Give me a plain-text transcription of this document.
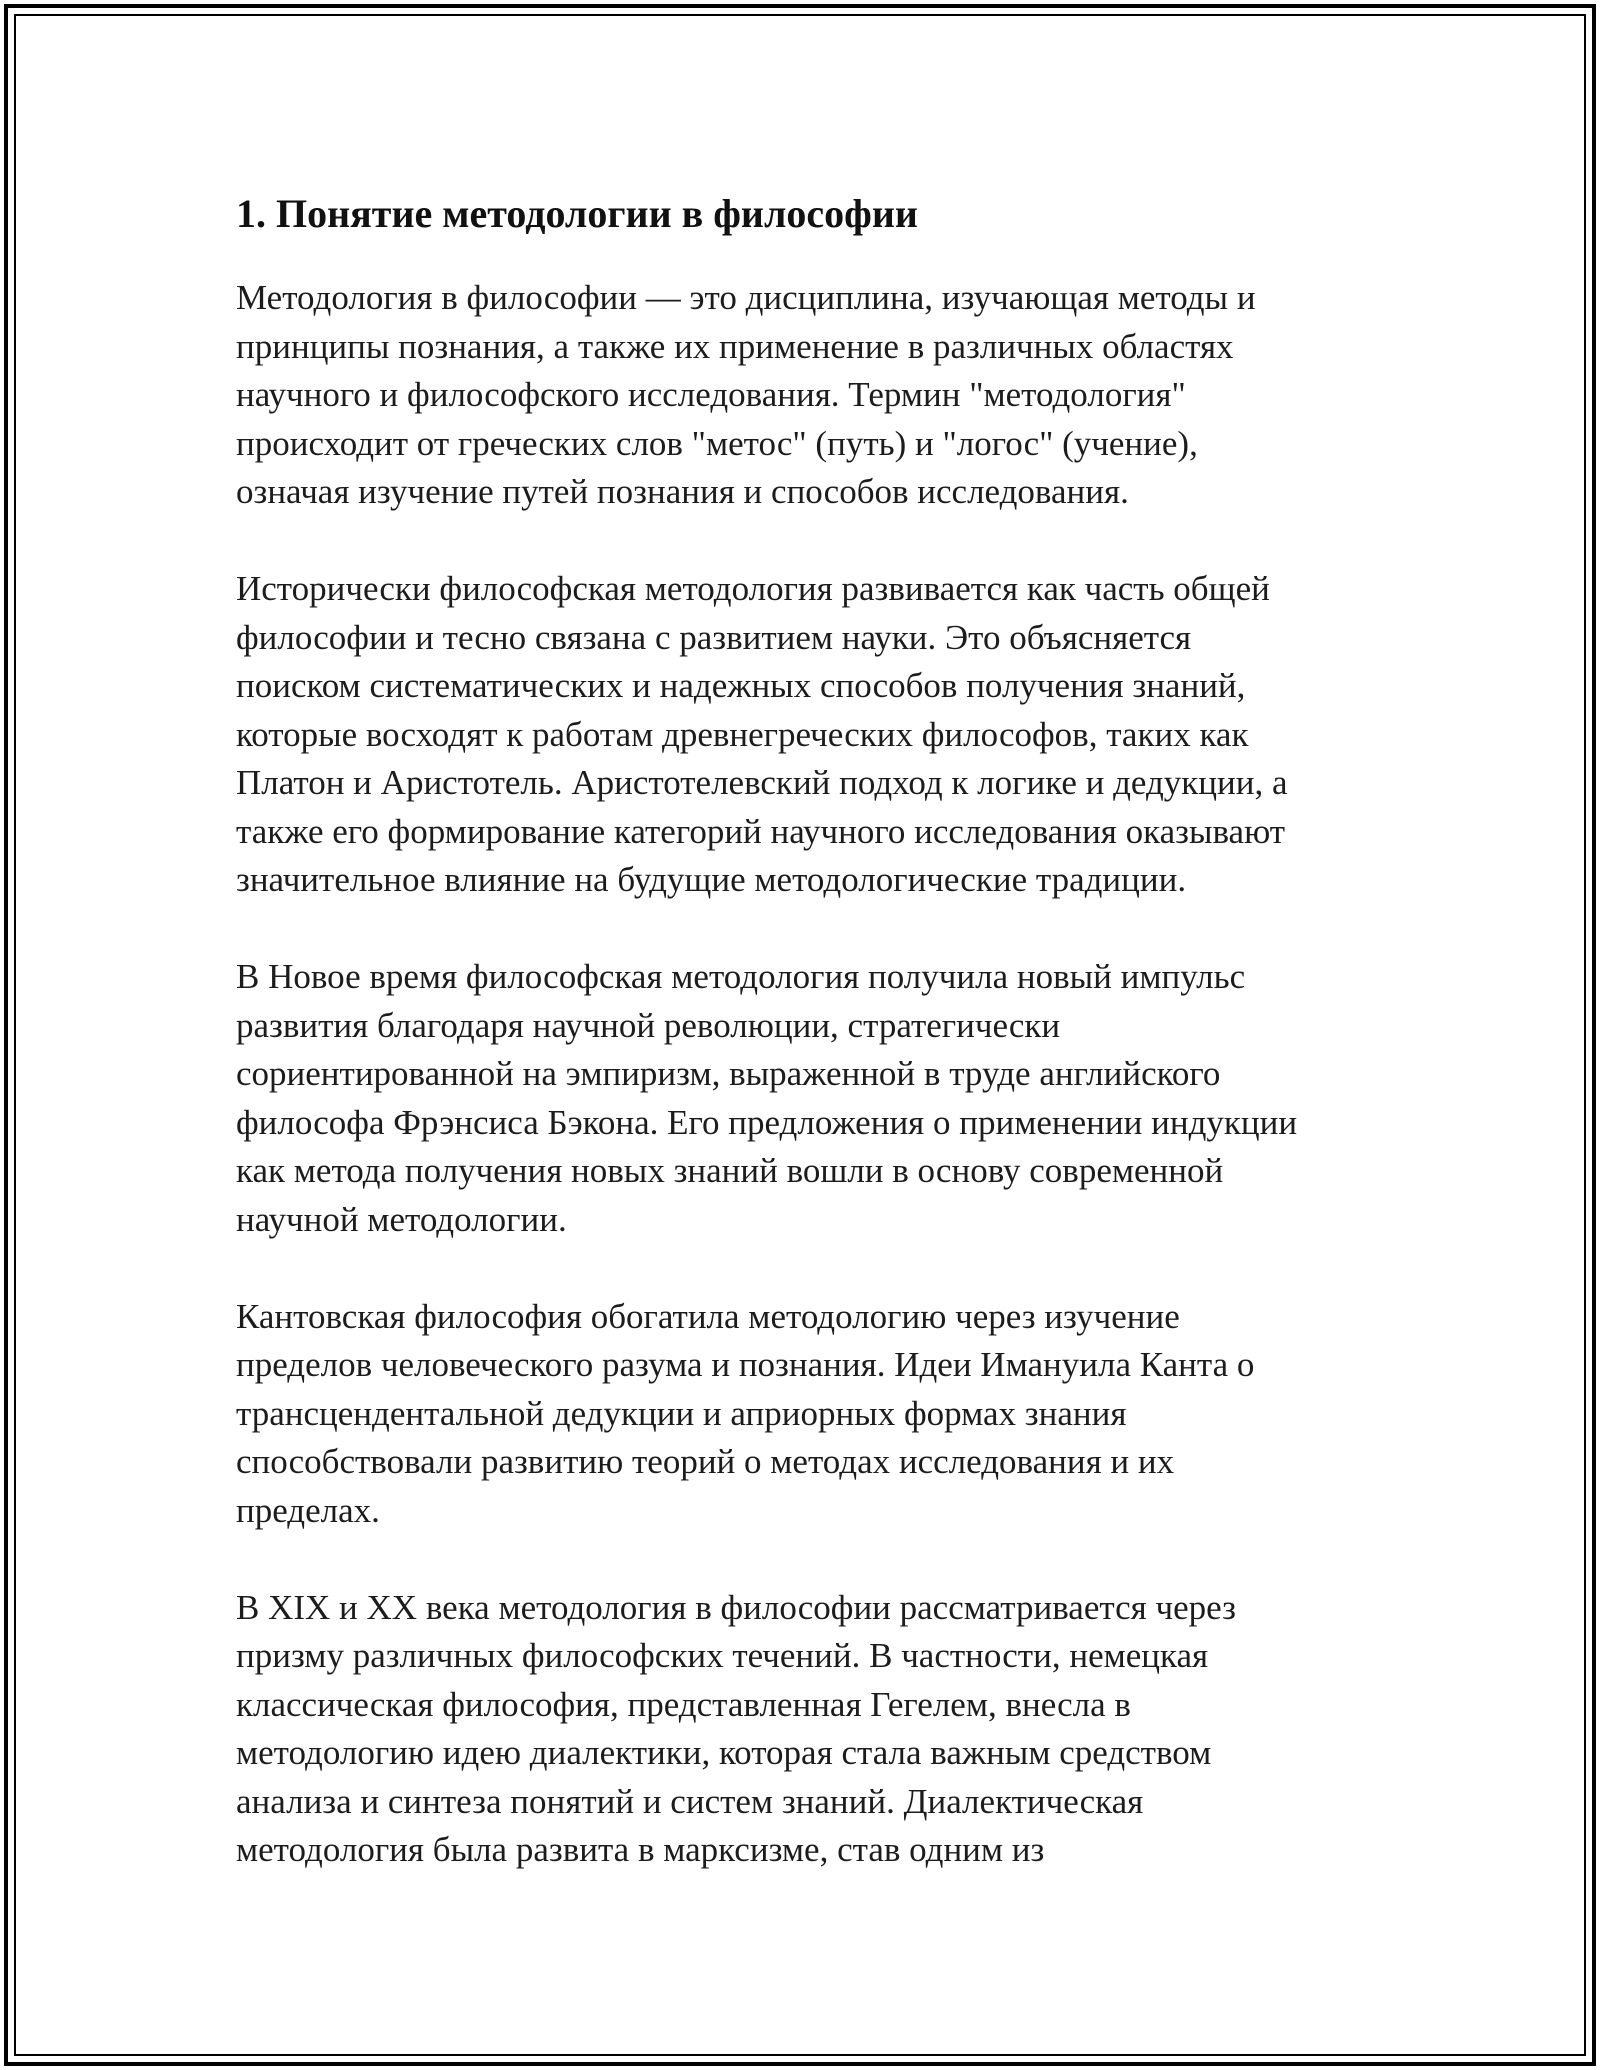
1. Понятие методологии в философии

Методология в философии — это дисциплина, изучающая методы и
принципы познания, а также их применение в различных областях
научного и философского исследования. Термин "методология"
происходит от греческих слов "метос" (путь) и "логос" (учение),
означая изучение путей познания и способов исследования.

Исторически философская методология развивается как часть общей
философии и тесно связана с развитием науки. Это объясняется
поиском систематических и надежных способов получения знаний,
которые восходят к работам древнегреческих философов, таких как
Платон и Аристотель. Аристотелевский подход к логике и дедукции, а
также его формирование категорий научного исследования оказывают
значительное влияние на будущие методологические традиции.

В Новое время философская методология получила новый импульс
развития благодаря научной революции, стратегически
сориентированной на эмпиризм, выраженной в труде английского
философа Фрэнсиса Бэкона. Его предложения о применении индукции
как метода получения новых знаний вошли в основу современной
научной методологии.

Кантовская философия обогатила методологию через изучение
пределов человеческого разума и познания. Идеи Имануила Канта о
трансцендентальной дедукции и априорных формах знания
способствовали развитию теорий о методах исследования и их
пределах.

В XIX и XX века методология в философии рассматривается через
призму различных философских течений. В частности, немецкая
классическая философия, представленная Гегелем, внесла в
методологию идею диалектики, которая стала важным средством
анализа и синтеза понятий и систем знаний. Диалектическая
методология была развита в марксизме, став одним из
